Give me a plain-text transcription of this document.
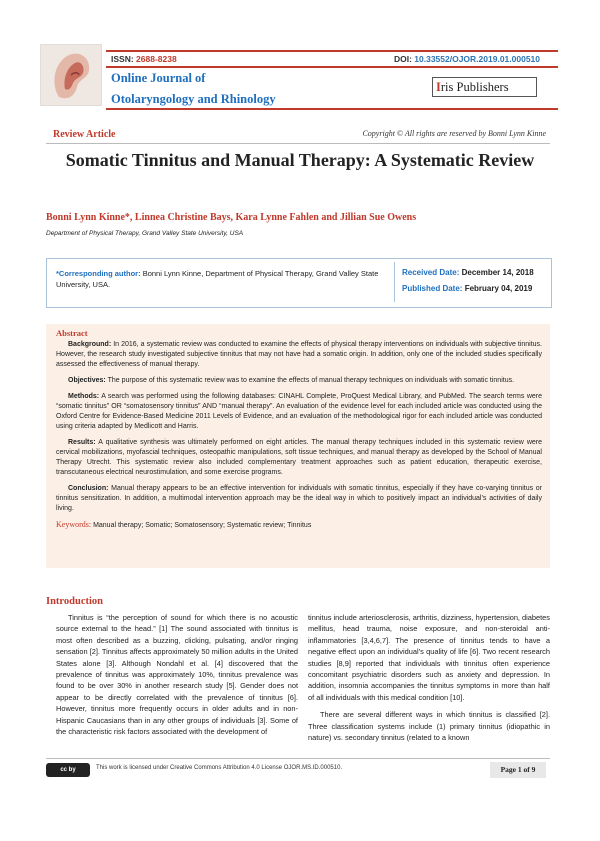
ISSN: 2688-8238	DOI: 10.33552/OJOR.2019.01.000510
Online Journal of
Otolaryngology and Rhinology
Iris Publishers
Review Article	Copyright © All rights are reserved by Bonni Lynn Kinne
Somatic Tinnitus and Manual Therapy: A Systematic Review
Bonni Lynn Kinne*, Linnea Christine Bays, Kara Lynne Fahlen and Jillian Sue Owens
Department of Physical Therapy, Grand Valley State University, USA
*Corresponding author: Bonni Lynn Kinne, Department of Physical Therapy, Grand Valley State University, USA.
Received Date: December 14, 2018
Published Date: February 04, 2019
Abstract

Background: In 2016, a systematic review was conducted to examine the effects of physical therapy interventions on individuals with subjective tinnitus. However, the research study investigated subjective tinnitus that may not have had a somatic origin. In addition, only one of the included studies specifically assessed the effectiveness of manual therapy.

Objectives: The purpose of this systematic review was to examine the effects of manual therapy techniques on individuals with somatic tinnitus.

Methods: A search was performed using the following databases: CINAHL Complete, ProQuest Medical Library, and PubMed. The search terms were “somatic tinnitus” OR “somatosensory tinnitus” AND “manual therapy”. An evaluation of the evidence level for each included article was conducted using the Oxford Centre for Evidence-Based Medicine 2011 Levels of Evidence, and an evaluation of the methodological rigor for each included article was conducted using criteria adapted by Medlicott and Harris.

Results: A qualitative synthesis was ultimately performed on eight articles. The manual therapy techniques included in this systematic review were cervical mobilizations, myofascial techniques, osteopathic manipulations, soft tissue techniques, and manual therapy as developed by the School of Manual Therapy Utrecht. This systematic review also included complementary treatment approaches such as patient education, therapeutic exercise, transcutaneous electrical neurostimulation, and some exercise programs.

Conclusion: Manual therapy appears to be an effective intervention for individuals with somatic tinnitus, especially if they have co-varying tinnitus or tinnitus sensitization. In addition, a multimodal intervention approach may be the ideal way in which to positively impact an individual’s activities of daily living.

Keywords: Manual therapy; Somatic; Somatosensory; Systematic review; Tinnitus
Introduction

Tinnitus is “the perception of sound for which there is no acoustic source external to the head.” [1] The sound associated with tinnitus is most often described as a buzzing, clicking, pulsating, and/or ringing sensation [2]. Tinnitus affects approximately 50 million adults in the United States alone [3]. Although Nondahl et al. [4] discovered that the prevalence of tinnitus was approximately 10%, tinnitus prevalence was found to be over 30% in another research study [5]. Gender does not appear to be directly correlated with the prevalence of tinnitus [6]. However, tinnitus more frequently occurs in older adults and in non-Hispanic Caucasians than in any other groups of individuals [3]. Some of the characteristic risk factors associated with the development of

tinnitus include arteriosclerosis, arthritis, dizziness, hypertension, diabetes mellitus, head trauma, noise exposure, and non-steroidal anti-inflammatories [3,4,6,7]. The presence of tinnitus tends to have a negative effect upon an individual’s quality of life [6]. Two recent research studies [8,9] reported that individuals with tinnitus often experience concomitant psychiatric disorders such as anxiety and depression. In addition, insomnia accompanies the tinnitus symptoms in more than half of all individuals with this medical condition [10].

There are several different ways in which tinnitus is classified [2]. Three classification systems include (1) primary tinnitus (idiopathic in nature) vs. secondary tinnitus (related to a known

cc by	This work is licensed under Creative Commons Attribution 4.0 License OJOR.MS.ID.000510.	Page 1 of 9
